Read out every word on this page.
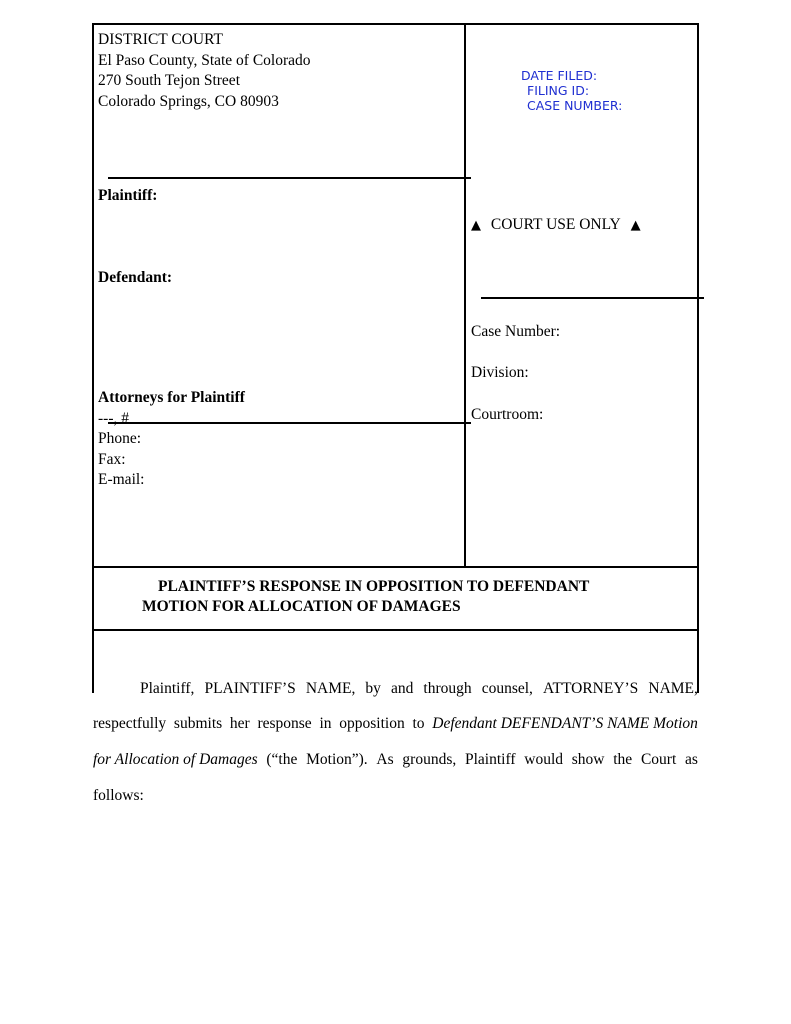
DISTRICT COURT
El Paso County, State of Colorado
270 South Tejon Street
Colorado Springs, CO 80903
DATE FILED:
FILING ID:
CASE NUMBER:
Plaintiff:
Defendant:
▲ COURT USE ONLY ▲
Case Number:
Division:
Courtroom:
Attorneys for Plaintiff
---, #
Phone:
Fax:
E-mail:
PLAINTIFF’S RESPONSE IN OPPOSITION TO DEFENDANT
MOTION FOR ALLOCATION OF DAMAGES
Plaintiff, PLAINTIFF’S NAME, by and through counsel, ATTORNEY’S NAME,
respectfully submits her response in opposition to Defendant DEFENDANT’S NAME Motion
for Allocation of Damages (“the Motion”). As grounds, Plaintiff would show the Court as
follows:
